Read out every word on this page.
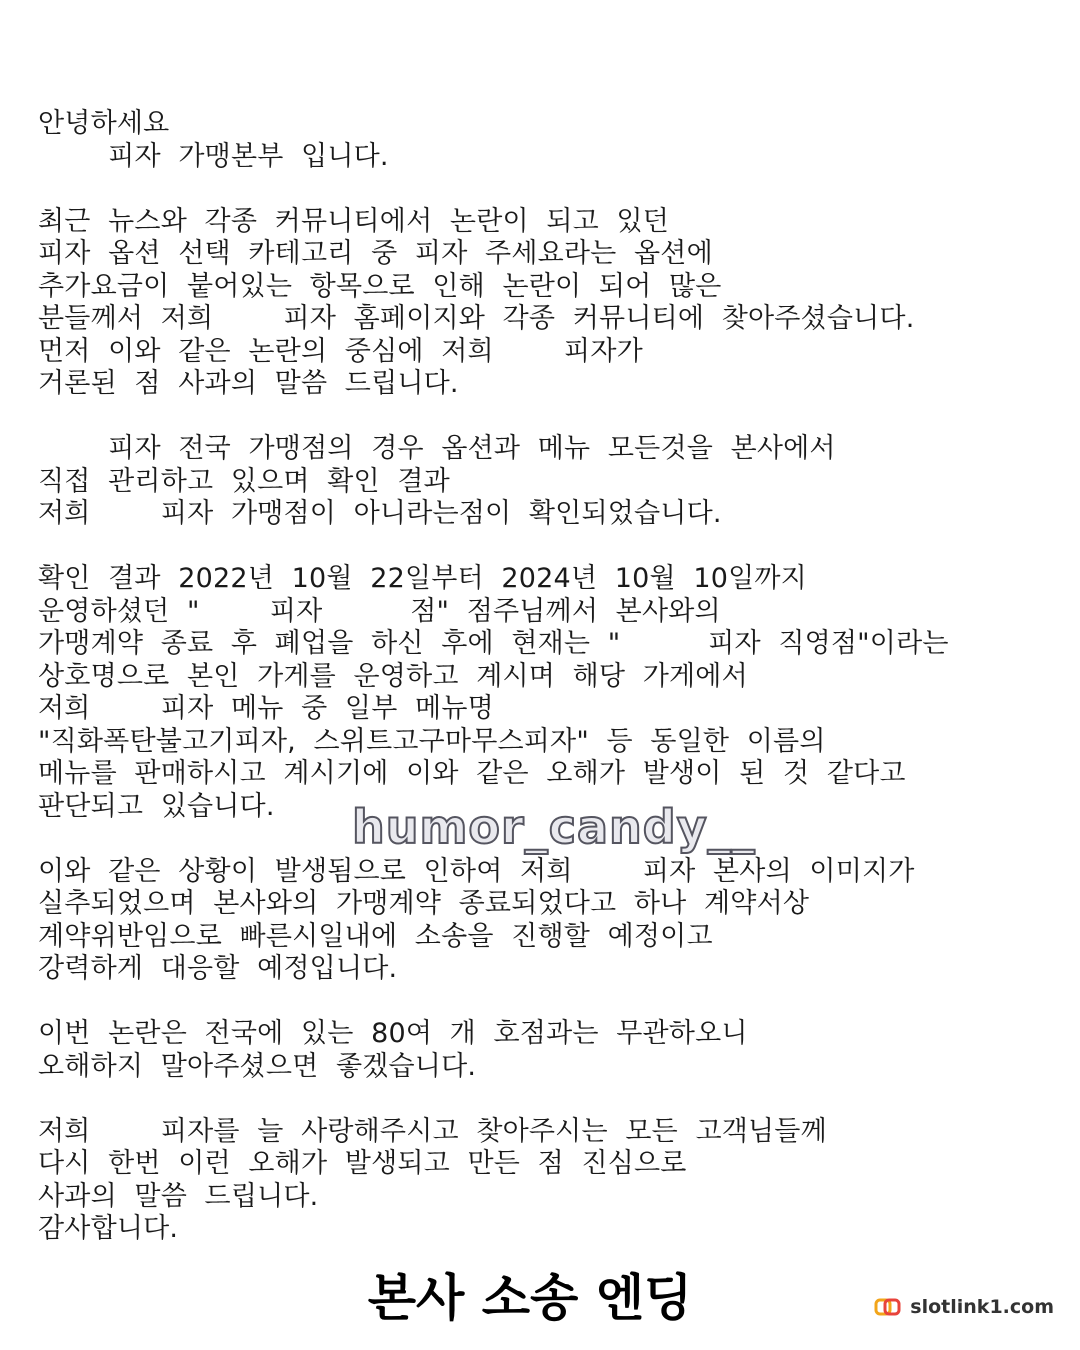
안녕하세요
피자  가맹본부  입니다.
최근  뉴스와  각종  커뮤니티에서  논란이  되고  있던
피자  옵션  선택  카테고리  중  피자  주세요라는  옵션에
추가요금이  붙어있는  항목으로  인해  논란이  되어  많은
분들께서  저희        피자  홈페이지와  각종  커뮤니티에  찾아주셨습니다.
먼저  이와  같은  논란의  중심에  저희        피자가
거론된  점  사과의  말씀  드립니다.
피자  전국  가맹점의  경우  옵션과  메뉴  모든것을  본사에서
직접  관리하고  있으며  확인  결과
저희        피자  가맹점이  아니라는점이  확인되었습니다.
확인  결과  2022년  10월  22일부터  2024년  10월  10일까지
운영하셨던  "        피자          점"  점주님께서  본사와의
가맹계약  종료  후  폐업을  하신  후에  현재는  "          피자  직영점"이라는
상호명으로  본인  가게를  운영하고  계시며  해당  가게에서
저희        피자  메뉴  중  일부  메뉴명
"직화폭탄불고기피자,  스위트고구마무스피자"  등  동일한  이름의
메뉴를  판매하시고  계시기에  이와  같은  오해가  발생이  된  것  같다고
판단되고  있습니다.
이와  같은  상황이  발생됨으로  인하여  저희        피자  본사의  이미지가
실추되었으며  본사와의  가맹계약  종료되었다고  하나  계약서상
계약위반임으로  빠른시일내에  소송을  진행할  예정이고
강력하게  대응할  예정입니다.
이번  논란은  전국에  있는  80여  개  호점과는  무관하오니
오해하지  말아주셨으면  좋겠습니다.
저희        피자를  늘  사랑해주시고  찾아주시는  모든  고객님들께
다시  한번  이런  오해가  발생되고  만든  점  진심으로
사과의  말씀  드립니다.
감사합니다.
humor_candy__
본사 소송 엔딩	slotlink1.com
